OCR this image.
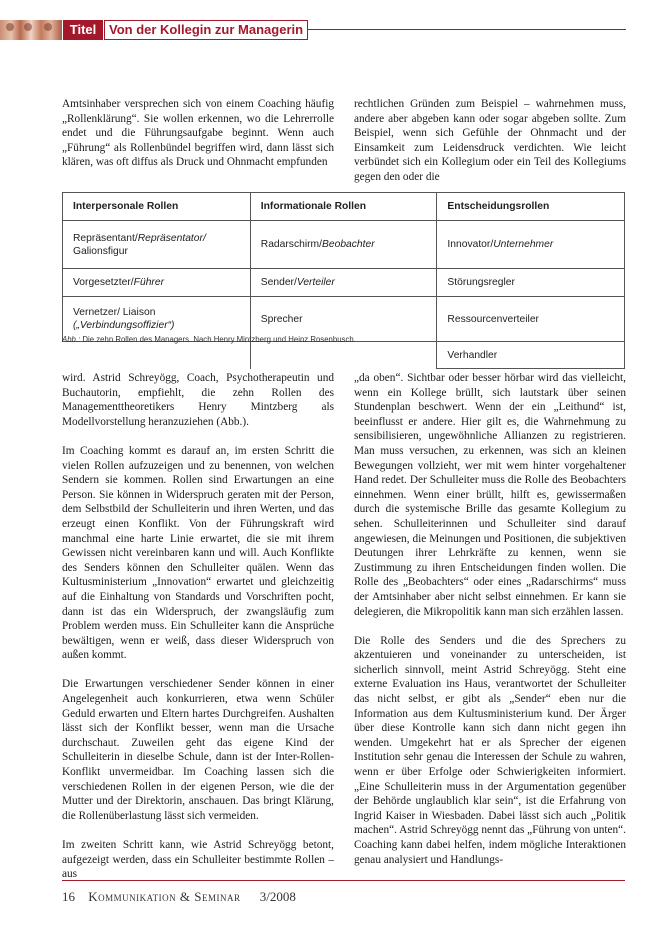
Titel Von der Kollegin zur Managerin

Amtsinhaber versprechen sich von einem Coaching häufig „Rollenklärung“. Sie wollen erkennen, wo die Lehrerrolle endet und die Führungsaufgabe beginnt. Wenn auch „Führung“ als Rollenbündel begriffen wird, dann lässt sich klären, was oft diffus als Druck und Ohnmacht empfunden

rechtlichen Gründen zum Beispiel – wahrnehmen muss, andere aber abgeben kann oder sogar abgeben sollte. Zum Beispiel, wenn sich Gefühle der Ohnmacht und der Einsamkeit zum Leidensdruck verdichten. Wie leicht verbündet sich ein Kollegium oder ein Teil des Kollegiums gegen den oder die

Interpersonale Rollen	Informationale Rollen	Entscheidungsrollen
Repräsentant/Repräsentator/ Galionsfigur	Radarschirm/Beobachter	Innovator/Unternehmer
Vorgesetzter/Führer	Sender/Verteiler	Störungsregler
Vernetzer/ Liaison („Verbindungsoffizier“)	Sprecher	Ressourcenverteiler
		Verhandler
Abb.: Die zehn Rollen des Managers. Nach Henry Mintzberg und Heinz Rosenbusch.

wird. Astrid Schreyögg, Coach, Psychotherapeutin und Buchautorin, empfiehlt, die zehn Rollen des Managementtheoretikers Henry Mintzberg als Modellvorstellung heranzuziehen (Abb.).

Im Coaching kommt es darauf an, im ersten Schritt die vielen Rollen aufzuzeigen und zu benennen, von welchen Sendern sie kommen. Rollen sind Erwartungen an eine Person. Sie können in Widerspruch geraten mit der Person, dem Selbstbild der Schulleiterin und ihren Werten, und das erzeugt einen Konflikt. Von der Führungskraft wird manchmal eine harte Linie erwartet, die sie mit ihrem Gewissen nicht vereinbaren kann und will. Auch Konflikte des Senders können den Schulleiter quälen. Wenn das Kultusministerium „Innovation“ erwartet und gleichzeitig auf die Einhaltung von Standards und Vorschriften pocht, dann ist das ein Widerspruch, der zwangsläufig zum Problem werden muss. Ein Schulleiter kann die Ansprüche bewältigen, wenn er weiß, dass dieser Widerspruch von außen kommt.

Die Erwartungen verschiedener Sender können in einer Angelegenheit auch konkurrieren, etwa wenn Schüler Geduld erwarten und Eltern hartes Durchgreifen. Aushalten lässt sich der Konflikt besser, wenn man die Ursache durchschaut. Zuweilen geht das eigene Kind der Schulleiterin in dieselbe Schule, dann ist der Inter-Rollen-Konflikt unvermeidbar. Im Coaching lassen sich die verschiedenen Rollen in der eigenen Person, wie die der Mutter und der Direktorin, anschauen. Das bringt Klärung, die Rollenüberlastung lässt sich vermeiden.

Im zweiten Schritt kann, wie Astrid Schreyögg betont, aufgezeigt werden, dass ein Schulleiter bestimmte Rollen – aus

„da oben“. Sichtbar oder besser hörbar wird das vielleicht, wenn ein Kollege brüllt, sich lautstark über seinen Stundenplan beschwert. Wenn der ein „Leithund“ ist, beeinflusst er andere. Hier gilt es, die Wahrnehmung zu sensibilisieren, ungewöhnliche Allianzen zu registrieren. Man muss versuchen, zu erkennen, was sich an kleinen Bewegungen vollzieht, wer mit wem hinter vorgehaltener Hand redet. Der Schulleiter muss die Rolle des Beobachters einnehmen. Wenn einer brüllt, hilft es, gewissermaßen durch die systemische Brille das gesamte Kollegium zu sehen. Schulleiterinnen und Schulleiter sind darauf angewiesen, die Meinungen und Positionen, die subjektiven Deutungen ihrer Lehrkräfte zu kennen, wenn sie Zustimmung zu ihren Entscheidungen finden wollen. Die Rolle des „Beobachters“ oder eines „Radarschirms“ muss der Amtsinhaber aber nicht selbst einnehmen. Er kann sie delegieren, die Mikropolitik kann man sich erzählen lassen.

Die Rolle des Senders und die des Sprechers zu akzentuieren und voneinander zu unterscheiden, ist sicherlich sinnvoll, meint Astrid Schreyögg. Steht eine externe Evaluation ins Haus, verantwortet der Schulleiter das nicht selbst, er gibt als „Sender“ eben nur die Information aus dem Kultusministerium kund. Der Ärger über diese Kontrolle kann sich dann nicht gegen ihn wenden. Umgekehrt hat er als Sprecher der eigenen Institution sehr genau die Interessen der Schule zu wahren, wenn er über Erfolge oder Schwierigkeiten informiert. „Eine Schulleiterin muss in der Argumentation gegenüber der Behörde unglaublich klar sein“, ist die Erfahrung von Ingrid Kaiser in Wiesbaden. Dabei lässt sich auch „Politik machen“. Astrid Schreyögg nennt das „Führung von unten“. Coaching kann dabei helfen, indem mögliche Interaktionen genau analysiert und Handlungs-

16 Kommunikation & Seminar 3/2008
